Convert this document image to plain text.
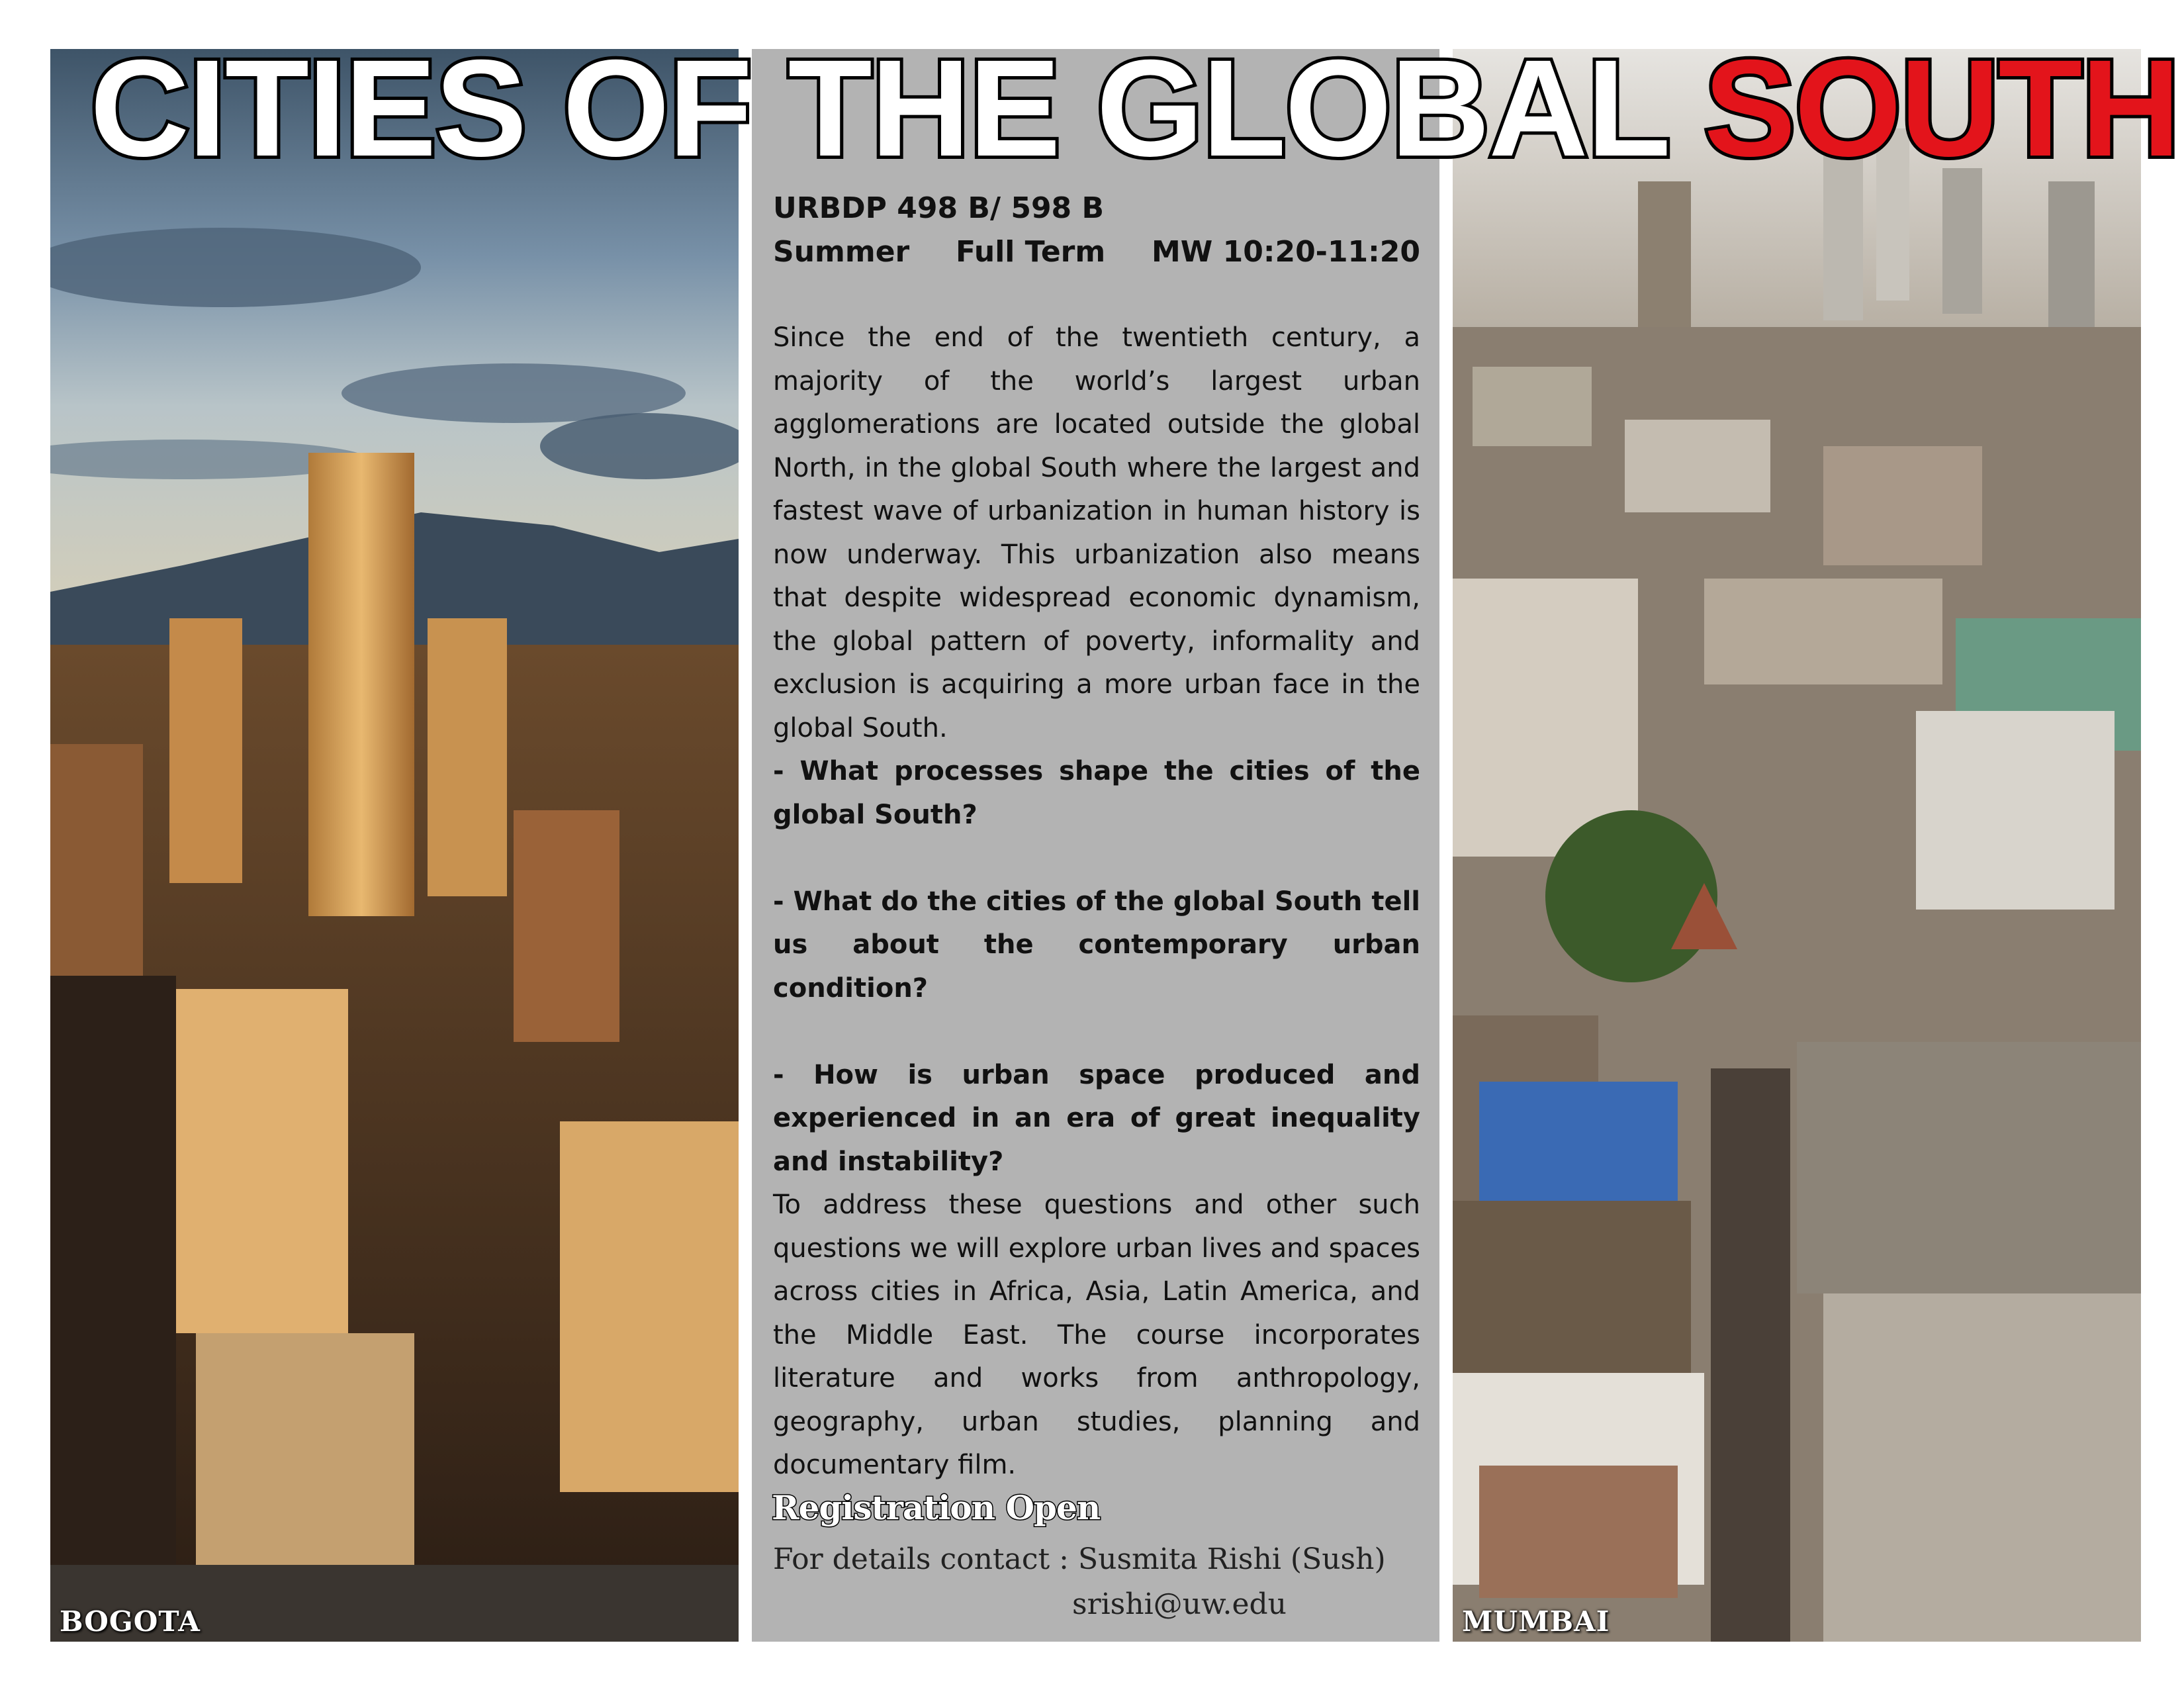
BOGOTA	MUMBAI
CITIES OF THE GLOBAL SOUTH
URBDP 498 B/ 598 B
Summer Full Term MW 10:20-11:20

Since the end of the twentieth century, a majority of the world’s largest urban agglomerations are located outside the global North, in the global South where the largest and fastest wave of urbanization in human history is now underway. This urbanization also means that despite widespread economic dynamism, the global pattern of poverty, informality and exclusion is acquiring a more urban face in the global South.

- What processes shape the cities of the global South?

- What do the cities of the global South tell us about the contemporary urban condition?

- How is urban space produced and experienced in an era of great inequality and instability?

To address these questions and other such questions we will explore urban lives and spaces across cities in Africa, Asia, Latin America, and the Middle East. The course incorporates literature and works from anthropology, geography, urban studies, planning and documentary film.

Registration Open
For details contact : Susmita Rishi (Sush)
srishi@uw.edu
